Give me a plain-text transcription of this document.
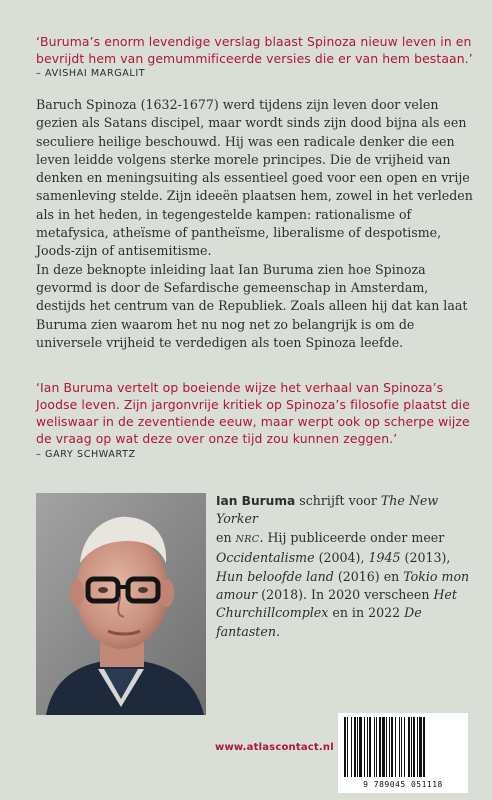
‘Buruma’s enorm levendige verslag blaast Spinoza nieuw leven in en bevrijdt hem van gemummificeerde versies die er van hem bestaan.’
– AVISHAI MARGALIT

Baruch Spinoza (1632-1677) werd tijdens zijn leven door velen gezien als Satans discipel, maar wordt sinds zijn dood bijna als een seculiere heilige beschouwd. Hij was een radicale denker die een leven leidde volgens sterke morele principes. Die de vrijheid van denken en meningsuiting als essentieel goed voor een open en vrije samenleving stelde. Zijn ideeën plaatsen hem, zowel in het verleden als in het heden, in tegengestelde kampen: rationalisme of metafysica, atheïsme of pantheïsme, liberalisme of despotisme, Joods-zijn of antisemitisme.

In deze beknopte inleiding laat Ian Buruma zien hoe Spinoza gevormd is door de Sefardische gemeenschap in Amsterdam, destijds het centrum van de Republiek. Zoals alleen hij dat kan laat Buruma zien waarom het nu nog net zo belangrijk is om de universele vrijheid te verdedigen als toen Spinoza leefde.

‘Ian Buruma vertelt op boeiende wijze het verhaal van Spinoza’s Joodse leven. Zijn jargonvrije kritiek op Spinoza’s filosofie plaatst die weliswaar in de zeventiende eeuw, maar werpt ook op scherpe wijze de vraag op wat deze over onze tijd zou kunnen zeggen.’
– GARY SCHWARTZ
Ian Buruma schrijft voor The New Yorker
en NRC. Hij publiceerde onder meer Occidentalisme (2004), 1945 (2013), Hun beloofde land (2016) en Tokio mon amour (2018). In 2020 verscheen Het Churchillcomplex en in 2022 De fantasten.
www.atlascontact.nl
9 789045 051118
